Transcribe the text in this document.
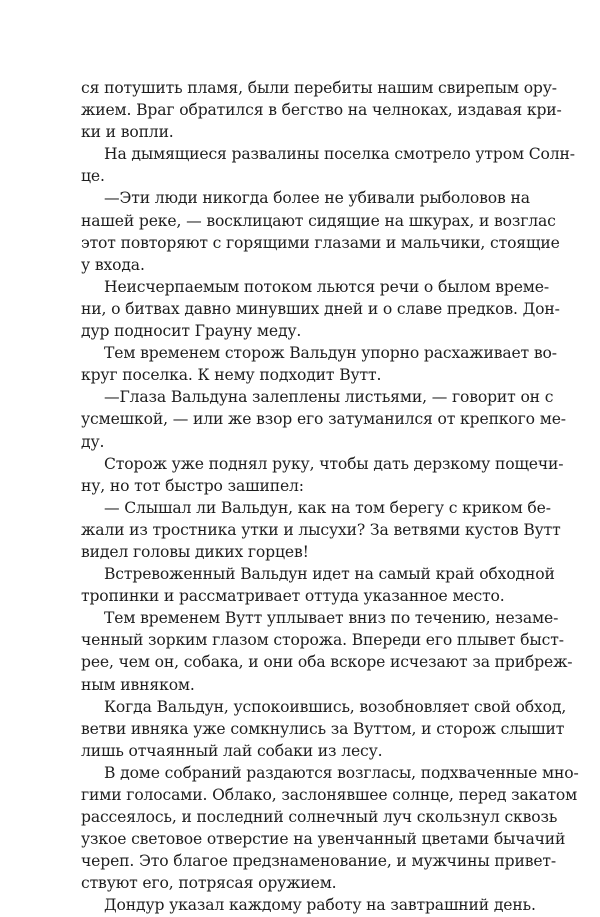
ся потушить пламя, были перебиты нашим свирепым ору-
жием. Враг обратился в бегство на челноках, издавая кри-
ки и вопли.
На дымящиеся развалины поселка смотрело утром Солн-
це.
—Эти люди никогда более не убивали рыболовов на
нашей реке, — восклицают сидящие на шкурах, и возглас
этот повторяют с горящими глазами и мальчики, стоящие
у входа.
Неисчерпаемым потоком льются речи о былом време-
ни, о битвах давно минувших дней и о славе предков. Дон-
дур подносит Грауну меду.
Тем временем сторож Вальдун упорно расхаживает во-
круг поселка. К нему подходит Вутт.
—Глаза Вальдуна залеплены листьями, — говорит он с
усмешкой, — или же взор его затуманился от крепкого ме-
ду.
Сторож уже поднял руку, чтобы дать дерзкому пощечи-
ну, но тот быстро зашипел:
— Слышал ли Вальдун, как на том берегу с криком бе-
жали из тростника утки и лысухи? За ветвями кустов Вутт
видел головы диких горцев!
Встревоженный Вальдун идет на самый край обходной
тропинки и рассматривает оттуда указанное место.
Тем временем Вутт уплывает вниз по течению, незаме-
ченный зорким глазом сторожа. Впереди его плывет быст-
рее, чем он, собака, и они оба вскоре исчезают за прибреж-
ным ивняком.
Когда Вальдун, успокоившись, возобновляет свой обход,
ветви ивняка уже сомкнулись за Вуттом, и сторож слышит
лишь отчаянный лай собаки из лесу.
В доме собраний раздаются возгласы, подхваченные мно-
гими голосами. Облако, заслонявшее солнце, перед закатом
рассеялось, и последний солнечный луч скользнул сквозь
узкое световое отверстие на увенчанный цветами бычачий
череп. Это благое предзнаменование, и мужчины привет-
ствуют его, потрясая оружием.
Дондур указал каждому работу на завтрашний день.
